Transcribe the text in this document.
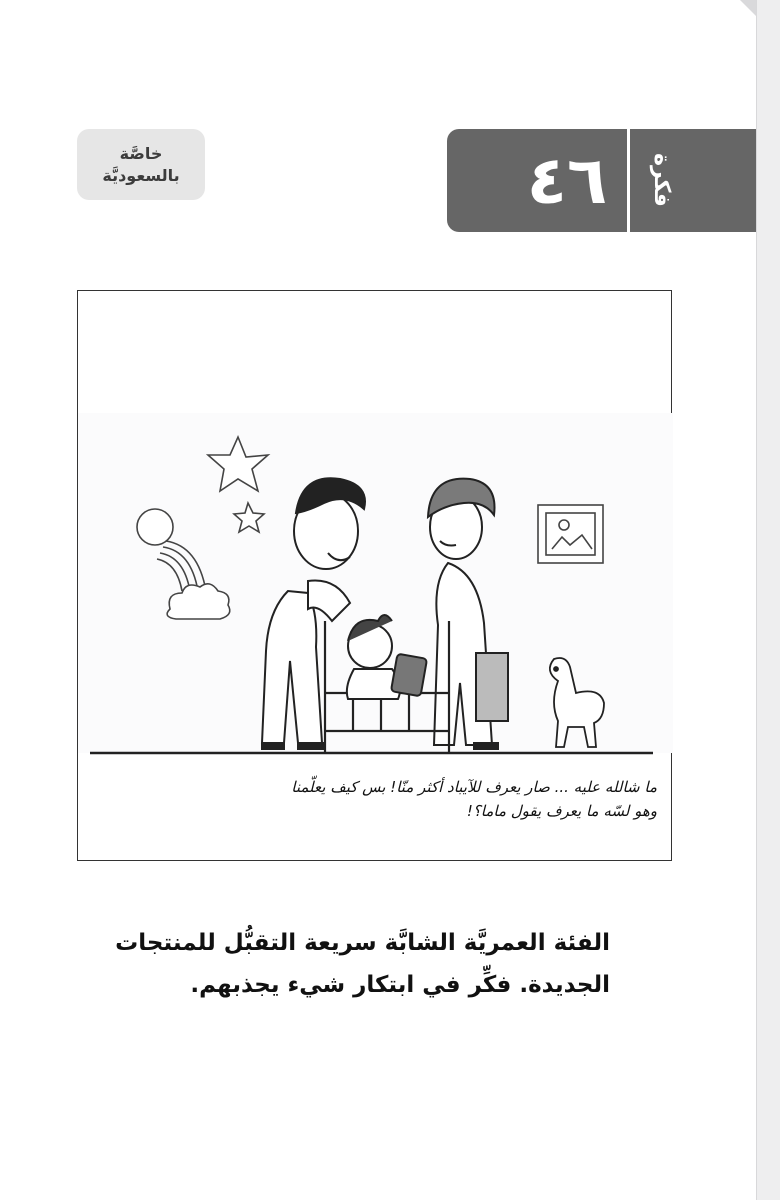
خاصَّة
بالسعوديَّة	٤٦	فكرة
ما شالله عليه ... صار يعرف للآيباد أكثر منّا! بس كيف يعلّمنا
وهو لسّه ما يعرف يقول ماما؟!
الفئة العمريَّة الشابَّة سريعة التقبُّل للمنتجات
الجديدة. فكِّر في ابتكار شيء يجذبهم.
